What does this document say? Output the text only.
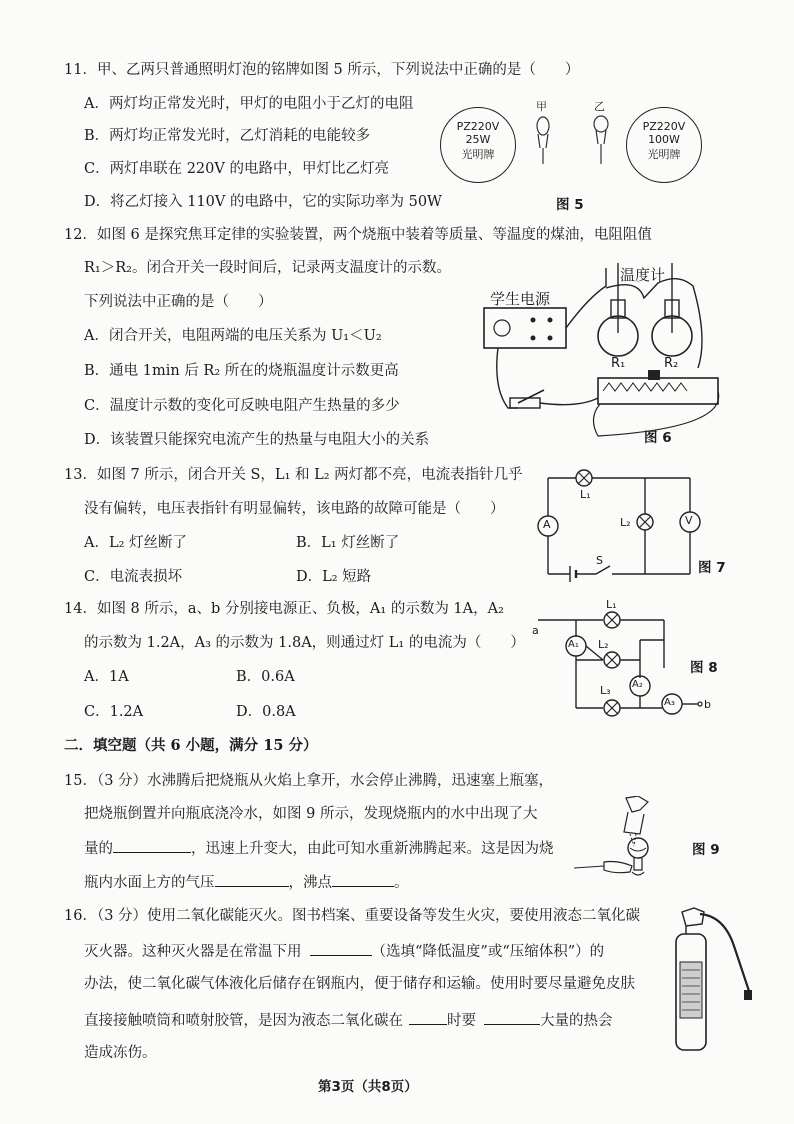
11．甲、乙两只普通照明灯泡的铭牌如图 5 所示，下列说法中正确的是（　　）
A．两灯均正常发光时，甲灯的电阻小于乙灯的电阻
B．两灯均正常发光时，乙灯消耗的电能较多
C．两灯串联在 220V 的电路中，甲灯比乙灯亮
D．将乙灯接入 110V 的电路中，它的实际功率为 50W
PZ220V
25W
光明牌
甲	乙
PZ220V
100W
光明牌
图 5
12．如图 6 是探究焦耳定律的实验装置，两个烧瓶中装着等质量、等温度的煤油，电阻阻值
R₁＞R₂。闭合开关一段时间后，记录两支温度计的示数。
下列说法中正确的是（　　）
A．闭合开关，电阻两端的电压关系为 U₁＜U₂
B．通电 1min 后 R₂ 所在的烧瓶温度计示数更高
C．温度计示数的变化可反映电阻产生热量的多少
D．该装置只能探究电流产生的热量与电阻大小的关系
学生电源
温度计
R₁	R₂
图 6
13．如图 7 所示，闭合开关 S，L₁ 和 L₂ 两灯都不亮，电流表指针几乎
没有偏转，电压表指针有明显偏转，该电路的故障可能是（　　）
A．L₂ 灯丝断了	B．L₁ 灯丝断了
C．电流表损坏	D．L₂ 短路
A	V
L₁
L₂
S	图 7
14．如图 8 所示，a、b 分别接电源正、负极，A₁ 的示数为 1A，A₂
的示数为 1.2A，A₃ 的示数为 1.8A，则通过灯 L₁ 的电流为（　　）
A．1A	B．0.6A
C．1.2A	D．0.8A
a
b
A₁
A₂
A₃
L₁
L₂
L₃
图 8
二．填空题（共 6 小题，满分 15 分）
15．（3 分）水沸腾后把烧瓶从火焰上拿开，水会停止沸腾，迅速塞上瓶塞，
把烧瓶倒置并向瓶底浇冷水，如图 9 所示，发现烧瓶内的水中出现了大
量的	，迅速上升变大，由此可知水重新沸腾起来。这是因为烧
瓶内水面上方的气压	，沸点	。
图 9
16．（3 分）使用二氧化碳能灭火。图书档案、重要设备等发生火灾，要使用液态二氧化碳
灭火器。这种灭火器是在常温下用	（选填“降低温度”或“压缩体积”）的
办法，使二氧化碳气体液化后储存在钢瓶内，便于储存和运输。使用时要尽量避免皮肤
直接接触喷筒和喷射胶管，是因为液态二氧化碳在	时要	大量的热会
造成冻伤。
第3页（共8页）
